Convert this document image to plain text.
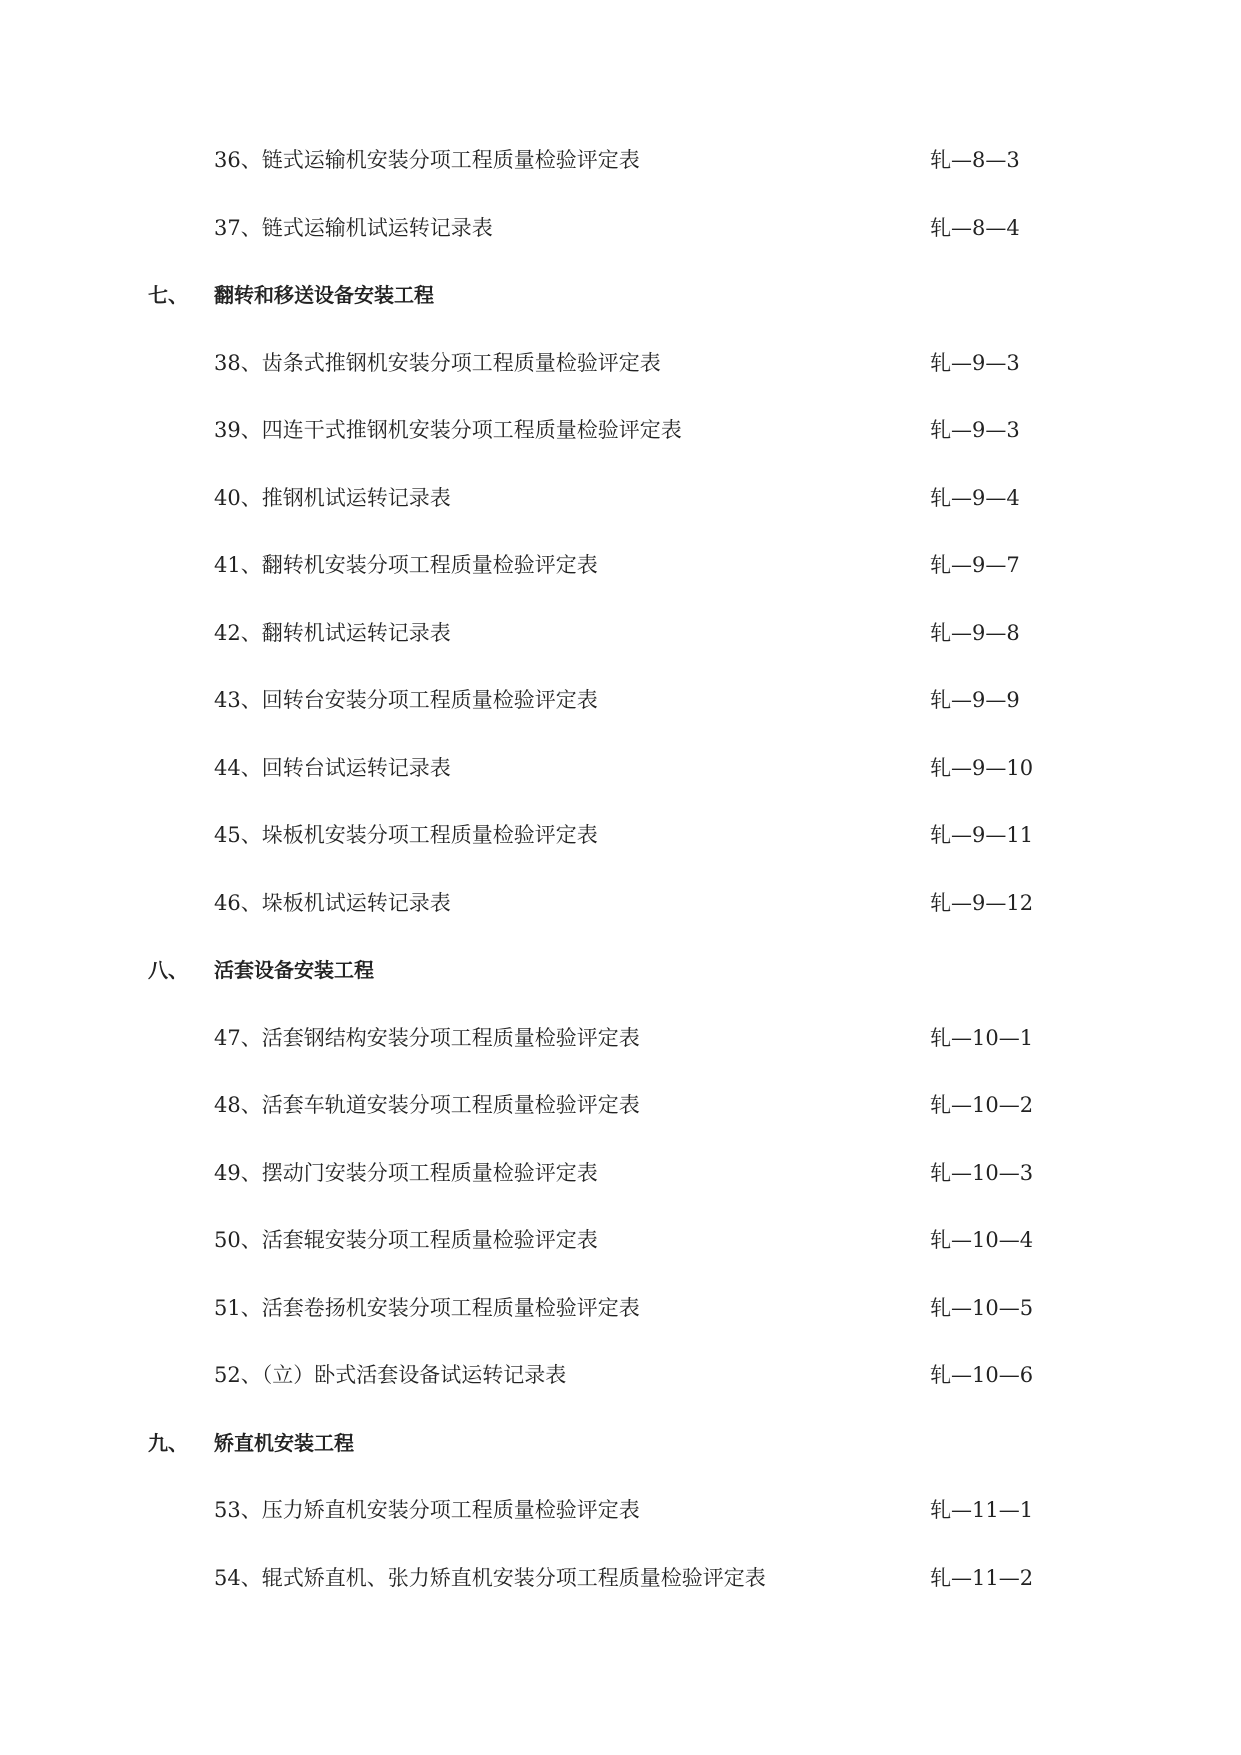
36、链式运输机安装分项工程质量检验评定表	轧—8—3
37、链式运输机试运转记录表	轧—8—4
七、 翻转和移送设备安装工程
38、齿条式推钢机安装分项工程质量检验评定表	轧—9—3
39、四连干式推钢机安装分项工程质量检验评定表	轧—9—3
40、推钢机试运转记录表	轧—9—4
41、翻转机安装分项工程质量检验评定表	轧—9—7
42、翻转机试运转记录表	轧—9—8
43、回转台安装分项工程质量检验评定表	轧—9—9
44、回转台试运转记录表	轧—9—10
45、垛板机安装分项工程质量检验评定表	轧—9—11
46、垛板机试运转记录表	轧—9—12
八、 活套设备安装工程
47、活套钢结构安装分项工程质量检验评定表	轧—10—1
48、活套车轨道安装分项工程质量检验评定表	轧—10—2
49、摆动门安装分项工程质量检验评定表	轧—10—3
50、活套辊安装分项工程质量检验评定表	轧—10—4
51、活套卷扬机安装分项工程质量检验评定表	轧—10—5
52、（立）卧式活套设备试运转记录表	轧—10—6
九、 矫直机安装工程
53、压力矫直机安装分项工程质量检验评定表	轧—11—1
54、辊式矫直机、张力矫直机安装分项工程质量检验评定表	轧—11—2
